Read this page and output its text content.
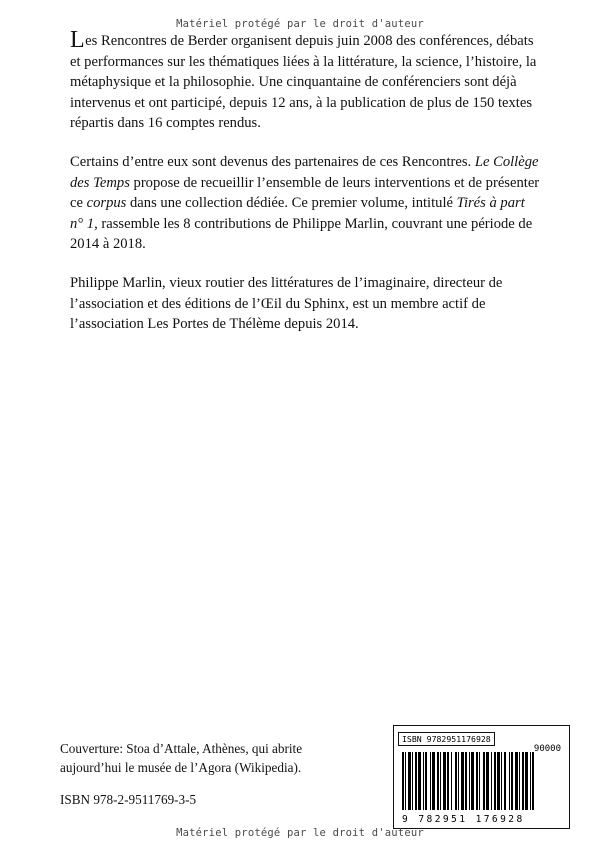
Matériel protégé par le droit d'auteur

Les Rencontres de Berder organisent depuis juin 2008 des conférences, débats et performances sur les thématiques liées à la littérature, la science, l’histoire, la métaphysique et la philosophie. Une cinquantaine de conférenciers sont déjà intervenus et ont participé, depuis 12 ans, à la publication de plus de 150 textes répartis dans 16 comptes rendus.

Certains d’entre eux sont devenus des partenaires de ces Rencontres. Le Collège des Temps propose de recueillir l’ensemble de leurs interventions et de présenter ce corpus dans une collection dédiée. Ce premier volume, intitulé Tirés à part n° 1, rassemble les 8 contributions de Philippe Marlin, couvrant une période de 2014 à 2018.

Philippe Marlin, vieux routier des littératures de l’imaginaire, directeur de l’association et des éditions de l’Œil du Sphinx, est un membre actif de l’association Les Portes de Thélème depuis 2014.

Couverture: Stoa d’Attale, Athènes, qui abrite
aujourd’hui le musée de l’Agora (Wikipedia).
ISBN 978-2-9511769-3-5
ISBN 9782951176928
90000
9 782951 176928
Matériel protégé par le droit d'auteur
